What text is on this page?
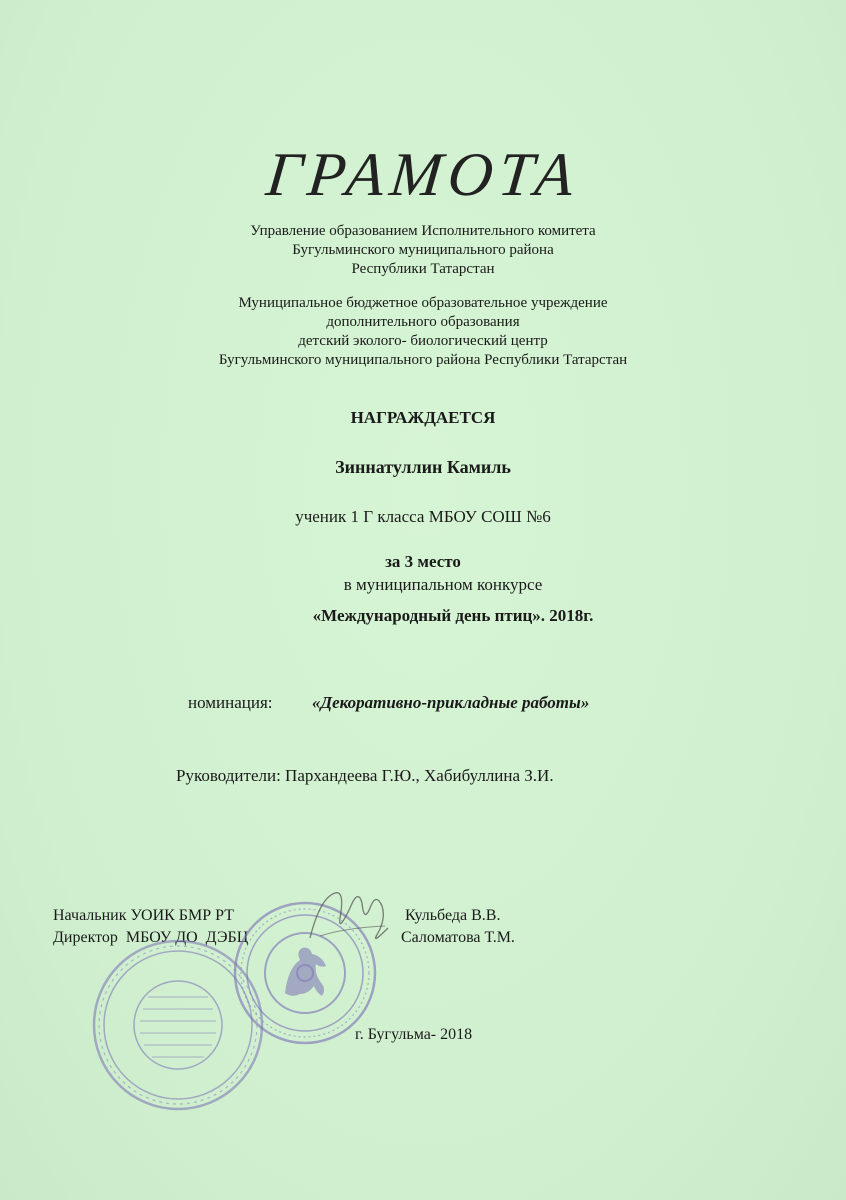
ГРАМОТА
Управление образованием Исполнительного комитета
Бугульминского муниципального района
Республики Татарстан
Муниципальное бюджетное образовательное учреждение
дополнительного образования
детский эколого- биологический центр
Бугульминского муниципального района Республики Татарстан
НАГРАЖДАЕТСЯ
Зиннатуллин Камиль
ученик 1 Г класса МБОУ СОШ №6
за 3 место
в муниципальном конкурсе
«Международный день птиц». 2018г.
номинация: «Декоративно-прикладные работы»
Руководители: Пархандеева Г.Ю., Хабибуллина З.И.
Начальник УОИК БМР РТ	Кульбеда В.В.
Директор  МБОУ ДО  ДЭБЦ	Саломатова Т.М.
г. Бугульма- 2018
